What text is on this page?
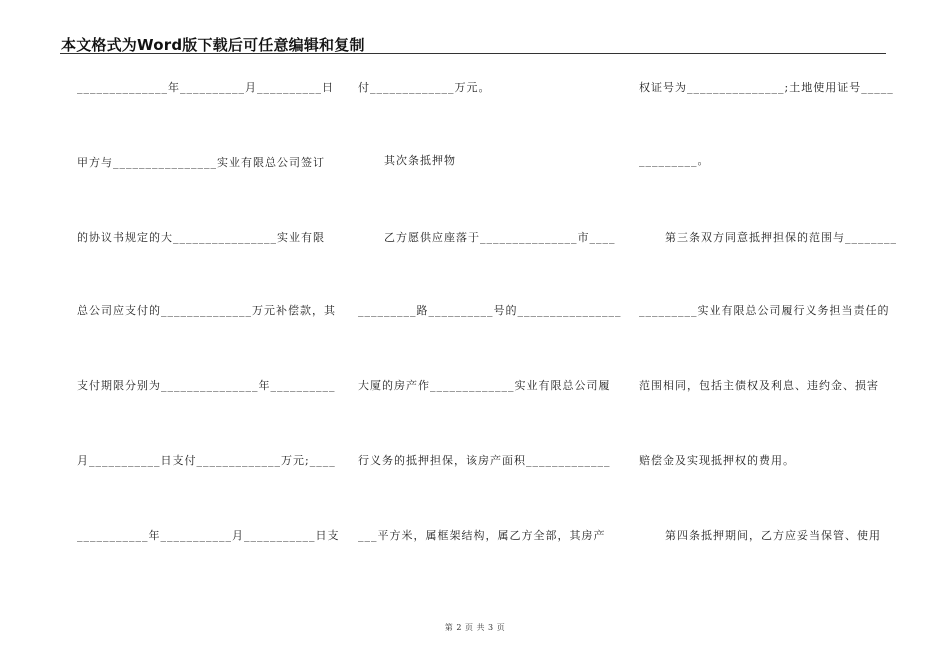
本文格式为Word版下载后可任意编辑和复制
______________年__________月__________日
甲方与________________实业有限总公司签订
的协议书规定的大________________实业有限
总公司应支付的______________万元补偿款，其
支付期限分别为_______________年__________
月___________日支付_____________万元;____
___________年___________月___________日支
付_____________万元。
其次条抵押物
乙方愿供应座落于_______________市____
_________路__________号的________________
大厦的房产作_____________实业有限总公司履
行义务的抵押担保，该房产面积_____________
___平方米，属框架结构，属乙方全部，其房产
权证号为_______________;土地使用证号_____
_________。
第三条双方同意抵押担保的范围与________
_________实业有限总公司履行义务担当责任的
范围相同，包括主债权及利息、违约金、损害
赔偿金及实现抵押权的费用。
第四条抵押期间，乙方应妥当保管、使用
第 2 页 共 3 页
